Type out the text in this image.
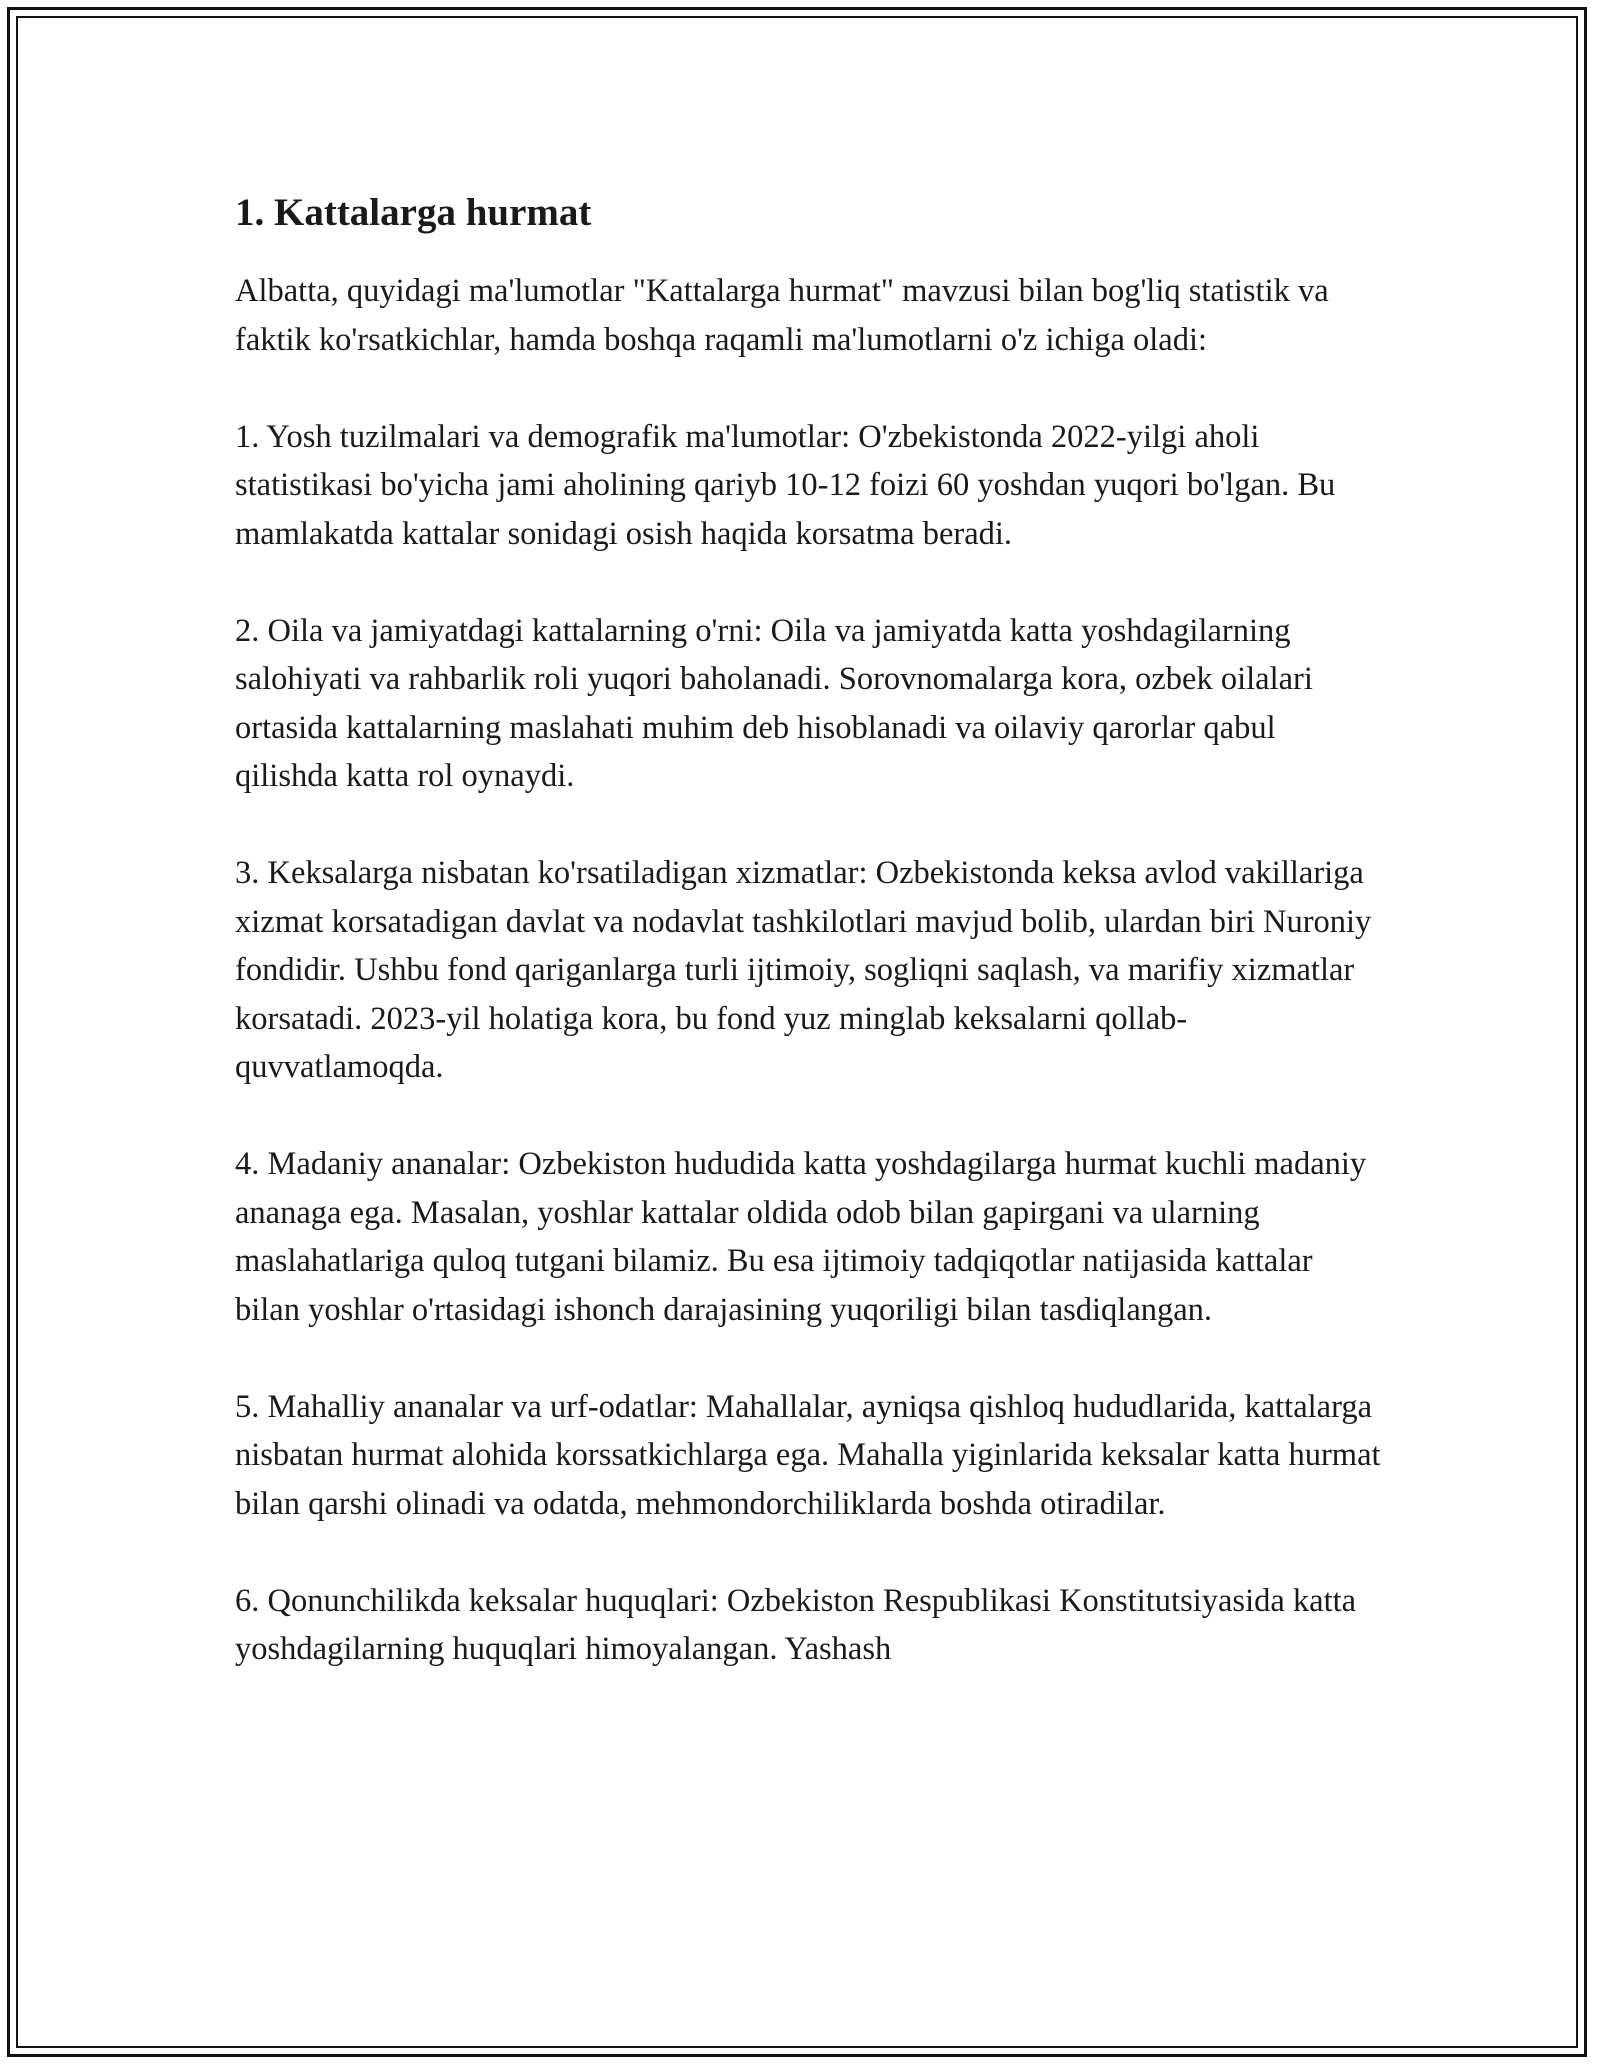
1. Kattalarga hurmat

Albatta, quyidagi ma'lumotlar "Kattalarga hurmat" mavzusi bilan bog'liq statistik va faktik ko'rsatkichlar, hamda boshqa raqamli ma'lumotlarni o'z ichiga oladi:

1. Yosh tuzilmalari va demografik ma'lumotlar: O'zbekistonda 2022-yilgi aholi statistikasi bo'yicha jami aholining qariyb 10-12 foizi 60 yoshdan yuqori bo'lgan. Bu mamlakatda kattalar sonidagi osish haqida korsatma beradi.

2. Oila va jamiyatdagi kattalarning o'rni: Oila va jamiyatda katta yoshdagilarning salohiyati va rahbarlik roli yuqori baholanadi. Sorovnomalarga kora, ozbek oilalari ortasida kattalarning maslahati muhim deb hisoblanadi va oilaviy qarorlar qabul qilishda katta rol oynaydi.

3. Keksalarga nisbatan ko'rsatiladigan xizmatlar: Ozbekistonda keksa avlod vakillariga xizmat korsatadigan davlat va nodavlat tashkilotlari mavjud bolib, ulardan biri Nuroniy fondidir. Ushbu fond qariganlarga turli ijtimoiy, sogliqni saqlash, va marifiy xizmatlar korsatadi. 2023-yil holatiga kora, bu fond yuz minglab keksalarni qollab-quvvatlamoqda.

4. Madaniy ananalar: Ozbekiston hududida katta yoshdagilarga hurmat kuchli madaniy ananaga ega. Masalan, yoshlar kattalar oldida odob bilan gapirgani va ularning maslahatlariga quloq tutgani bilamiz. Bu esa ijtimoiy tadqiqotlar natijasida kattalar bilan yoshlar o'rtasidagi ishonch darajasining yuqoriligi bilan tasdiqlangan.

5. Mahalliy ananalar va urf-odatlar: Mahallalar, ayniqsa qishloq hududlarida, kattalarga nisbatan hurmat alohida korssatkichlarga ega. Mahalla yiginlarida keksalar katta hurmat bilan qarshi olinadi va odatda, mehmondorchiliklarda boshda otiradilar.

6. Qonunchilikda keksalar huquqlari: Ozbekiston Respublikasi Konstitutsiyasida katta yoshdagilarning huquqlari himoyalangan. Yashash
